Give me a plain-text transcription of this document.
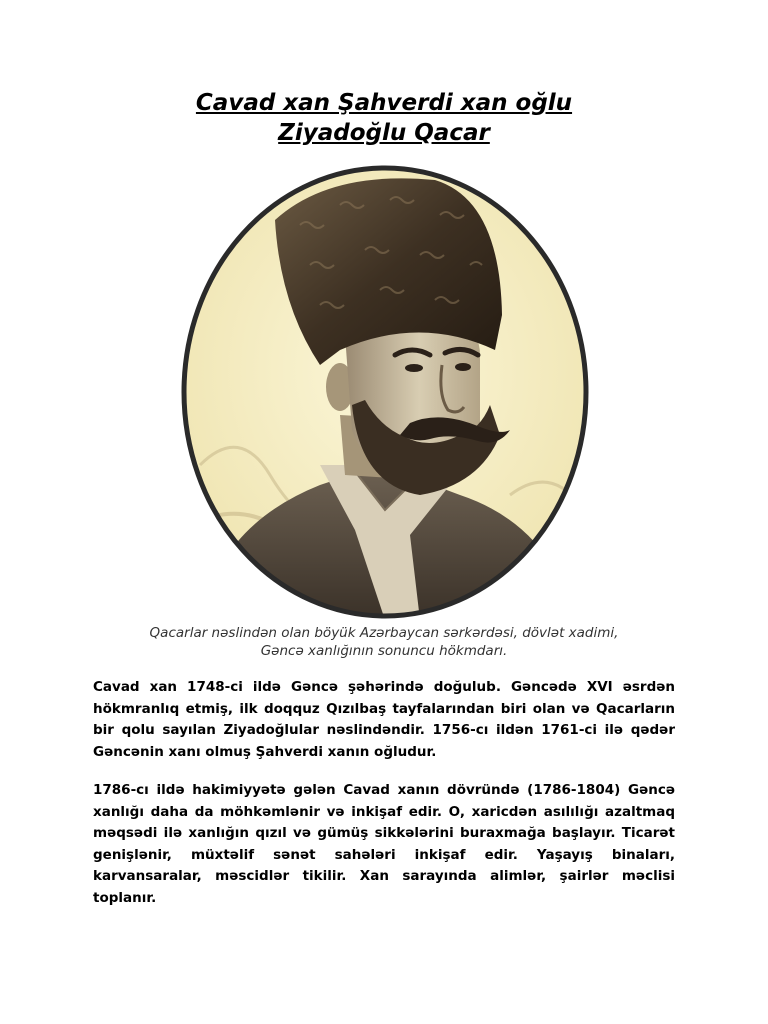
Cavad xan Şahverdi xan oğlu
Ziyadoğlu Qacar
Qacarlar nəslindən olan böyük Azərbaycan sərkərdəsi, dövlət xadimi,
Gəncə xanlığının sonuncu hökmdarı.

Cavad xan 1748-ci ildə Gəncə şəhərində doğulub. Gəncədə XVI əsrdən hökmranlıq etmiş, ilk doqquz Qızılbaş tayfalarından biri olan və Qacarların bir qolu sayılan Ziyadoğlular nəslindəndir. 1756-cı ildən 1761-ci ilə qədər Gəncənin xanı olmuş Şahverdi xanın oğludur.

1786-cı ildə hakimiyyətə gələn Cavad xanın dövründə (1786-1804) Gəncə xanlığı daha da möhkəmlənir və inkişaf edir. O, xaricdən asılılığı azaltmaq məqsədi ilə xanlığın qızıl və gümüş sikkələrini buraxmağa başlayır. Ticarət genişlənir, müxtəlif sənət sahələri inkişaf edir. Yaşayış binaları, karvansaralar, məscidlər tikilir. Xan sarayında alimlər, şairlər məclisi toplanır.
